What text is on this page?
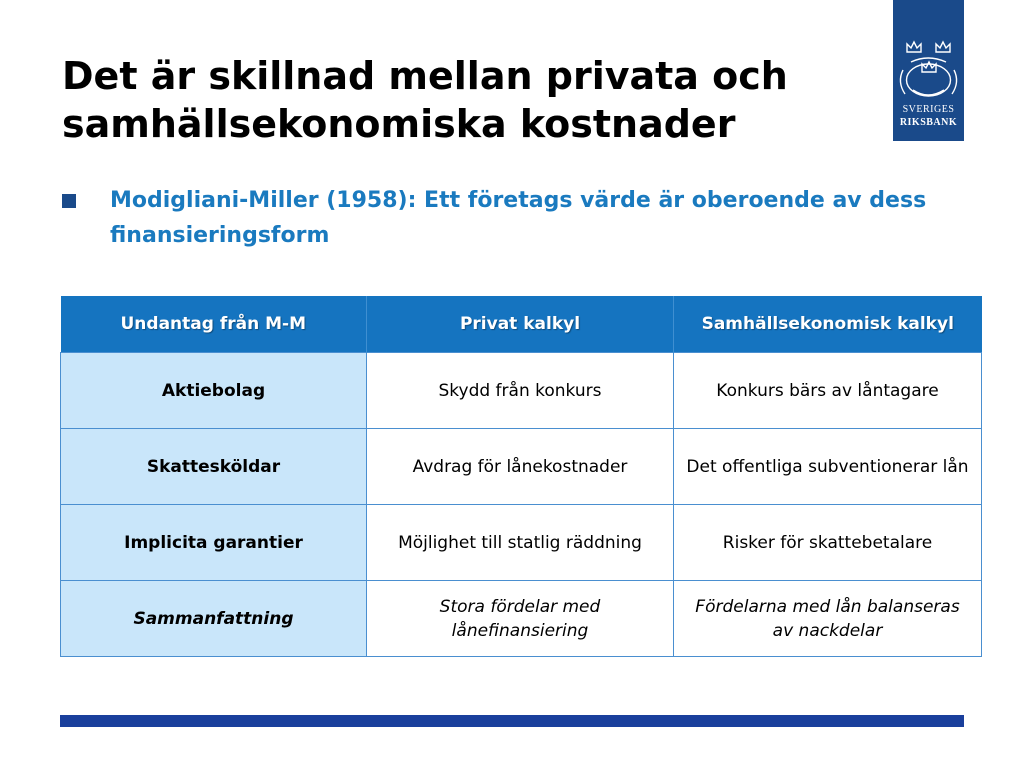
Det är skillnad mellan privata och
samhällsekonomiska kostnader	SVERIGES
RIKSBANK

Modigliani-Miller (1958): Ett företags värde är oberoende av dess finansieringsform

Undantag från M-M	Privat kalkyl	Samhällsekonomisk kalkyl
Aktiebolag	Skydd från konkurs	Konkurs bärs av låntagare
Skattesköldar	Avdrag för lånekostnader	Det offentliga subventionerar lån
Implicita garantier	Möjlighet till statlig räddning	Risker för skattebetalare
Sammanfattning	Stora fördelar med lånefinansiering	Fördelarna med lån balanseras av nackdelar
